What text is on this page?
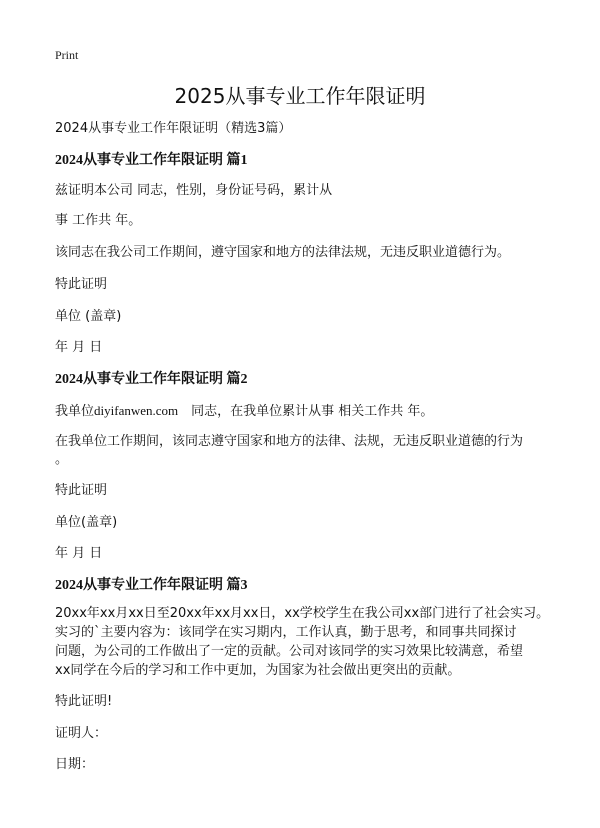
Print
2025从事专业工作年限证明

2024从事专业工作年限证明（精选3篇）

2024从事专业工作年限证明 篇1

兹证明本公司 同志，性别，身份证号码，累计从

事 工作共 年。

该同志在我公司工作期间，遵守国家和地方的法律法规，无违反职业道德行为。

特此证明

单位 (盖章)

年 月 日

2024从事专业工作年限证明 篇2

我单位diyifanwen.com　同志，在我单位累计从事 相关工作共 年。

在我单位工作期间，该同志遵守国家和地方的法律、法规，无违反职业道德的行为

。

特此证明

单位(盖章)

年 月 日

2024从事专业工作年限证明 篇3

20xx年xx月xx日至20xx年xx月xx日，xx学校学生在我公司xx部门进行了社会实习。

实习的`主要内容为：该同学在实习期内，工作认真，勤于思考，和同事共同探讨

问题，为公司的工作做出了一定的贡献。公司对该同学的实习效果比较满意，希望

xx同学在今后的学习和工作中更加，为国家为社会做出更突出的贡献。

特此证明!

证明人：

日期：
